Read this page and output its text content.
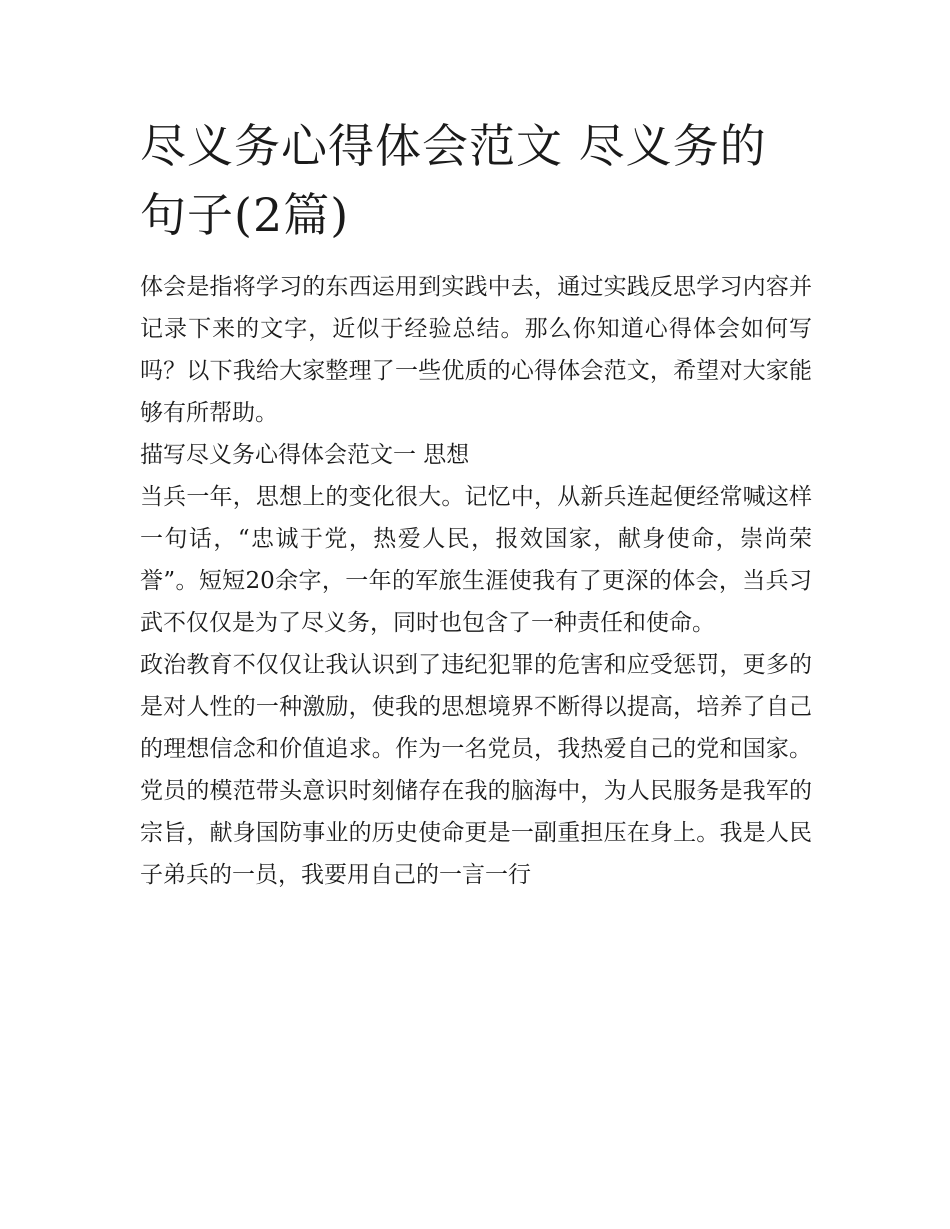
尽义务心得体会范文 尽义务的句子(2篇)

体会是指将学习的东西运用到实践中去，通过实践反思学习内容并记录下来的文字，近似于经验总结。那么你知道心得体会如何写吗？以下我给大家整理了一些优质的心得体会范文，希望对大家能够有所帮助。

描写尽义务心得体会范文一 思想

当兵一年，思想上的变化很大。记忆中，从新兵连起便经常喊这样一句话，“忠诚于党，热爱人民，报效国家，献身使命，崇尚荣誉”。短短20余字，一年的军旅生涯使我有了更深的体会，当兵习武不仅仅是为了尽义务，同时也包含了一种责任和使命。

政治教育不仅仅让我认识到了违纪犯罪的危害和应受惩罚，更多的是对人性的一种激励，使我的思想境界不断得以提高，培养了自己的理想信念和价值追求。作为一名党员，我热爱自己的党和国家。党员的模范带头意识时刻储存在我的脑海中，为人民服务是我军的宗旨，献身国防事业的历史使命更是一副重担压在身上。我是人民子弟兵的一员，我要用自己的一言一行
